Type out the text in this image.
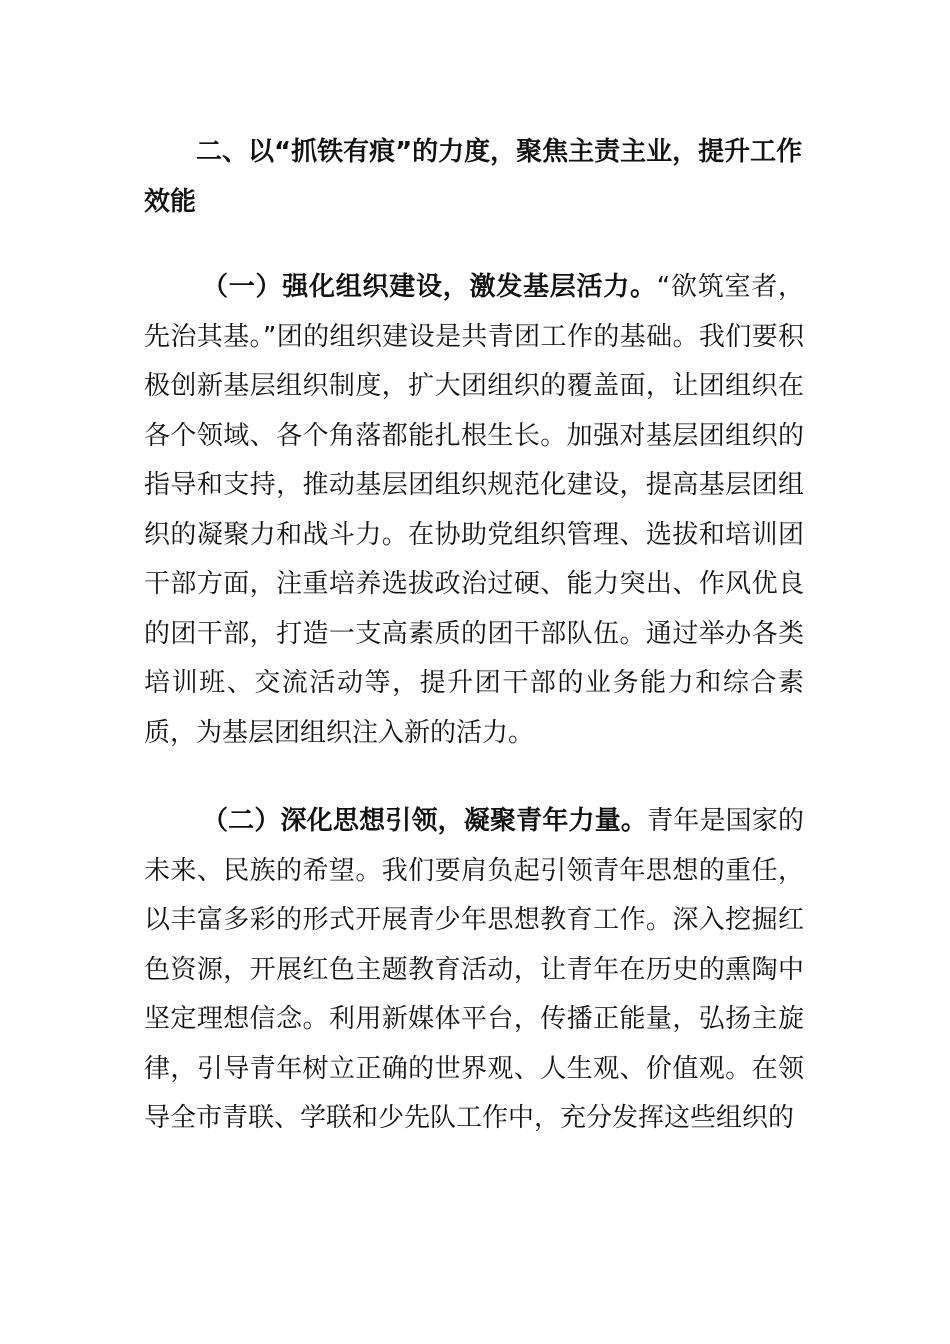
二、以“抓铁有痕”的力度，聚焦主责主业，提升工作效能
（一）强化组织建设，激发基层活力。“欲筑室者，先治其基。”团的组织建设是共青团工作的基础。我们要积极创新基层组织制度，扩大团组织的覆盖面，让团组织在各个领域、各个角落都能扎根生长。加强对基层团组织的指导和支持，推动基层团组织规范化建设，提高基层团组织的凝聚力和战斗力。在协助党组织管理、选拔和培训团干部方面，注重培养选拔政治过硬、能力突出、作风优良的团干部，打造一支高素质的团干部队伍。通过举办各类培训班、交流活动等，提升团干部的业务能力和综合素质，为基层团组织注入新的活力。
（二）深化思想引领，凝聚青年力量。青年是国家的未来、民族的希望。我们要肩负起引领青年思想的重任，以丰富多彩的形式开展青少年思想教育工作。深入挖掘红色资源，开展红色主题教育活动，让青年在历史的熏陶中坚定理想信念。利用新媒体平台，传播正能量，弘扬主旋律，引导青年树立正确的世界观、人生观、价值观。在领导全市青联、学联和少先队工作中，充分发挥这些组织的
